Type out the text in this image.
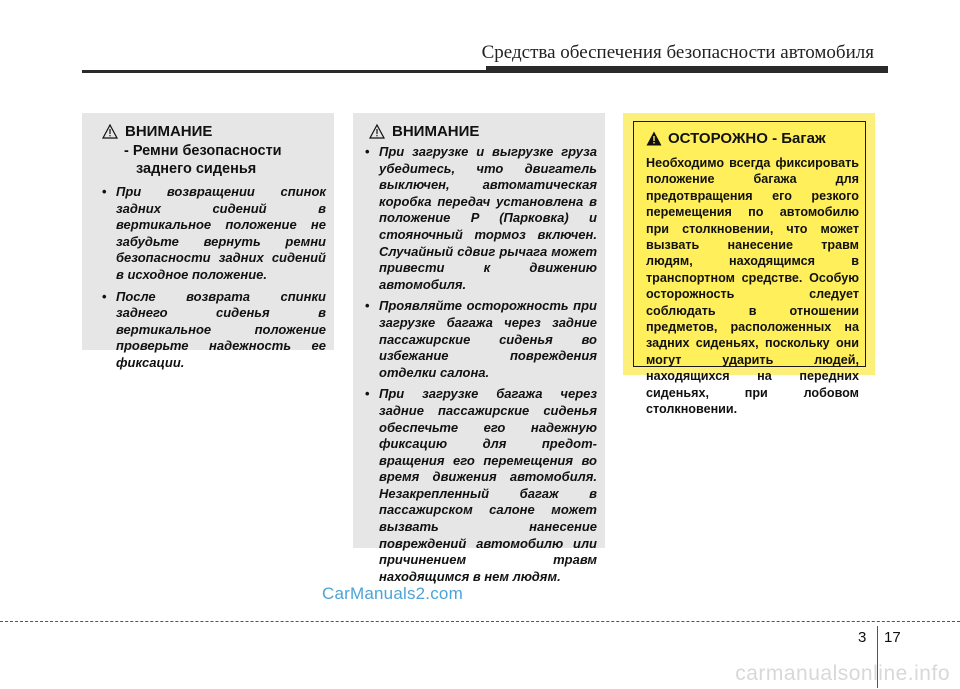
Средства обеспечения безопасности автомобиля
ВНИМАНИЕ
- Ремни безопасности
заднего сиденья
• При возвращении спинок задних сидений в вертикальное положение не забудьте вернуть ремни безопасности задних сидений в исходное положение.
• После возврата спинки заднего сиденья в вертикальное положение проверьте надежность ее фиксации.
ВНИМАНИЕ
• При загрузке и выгрузке груза убедитесь, что двигатель выключен, автоматическая коробка передач установлена в положение P (Парковка) и стояночный тормоз включен. Случайный сдвиг рычага может привести к движению автомобиля.
• Проявляйте осторожность при загрузке багажа через задние пассажирские сиденья во избежание повреждения отделки салона.
• При загрузке багажа через задние пассажирские сиденья обеспечьте его надежную фиксацию для предот-вращения его перемещения во время движения автомобиля. Незакрепленный багаж в пассажирском салоне может вызвать нанесение повреждений автомобилю или причинением травм находящимся в нем людям.
ОСТОРОЖНО - Багаж
Необходимо всегда фиксировать положение багажа для предотвращения его резкого перемещения по автомобилю при столкновении, что может вызвать нанесение травм людям, находящимся в транспортном средстве. Особую осторожность следует соблюдать в отношении предметов, расположенных на задних сиденьях, поскольку они могут ударить людей, находящихся на передних сиденьях, при лобовом столкновении.
CarManuals2.com
3 17
carmanualsonline.info
